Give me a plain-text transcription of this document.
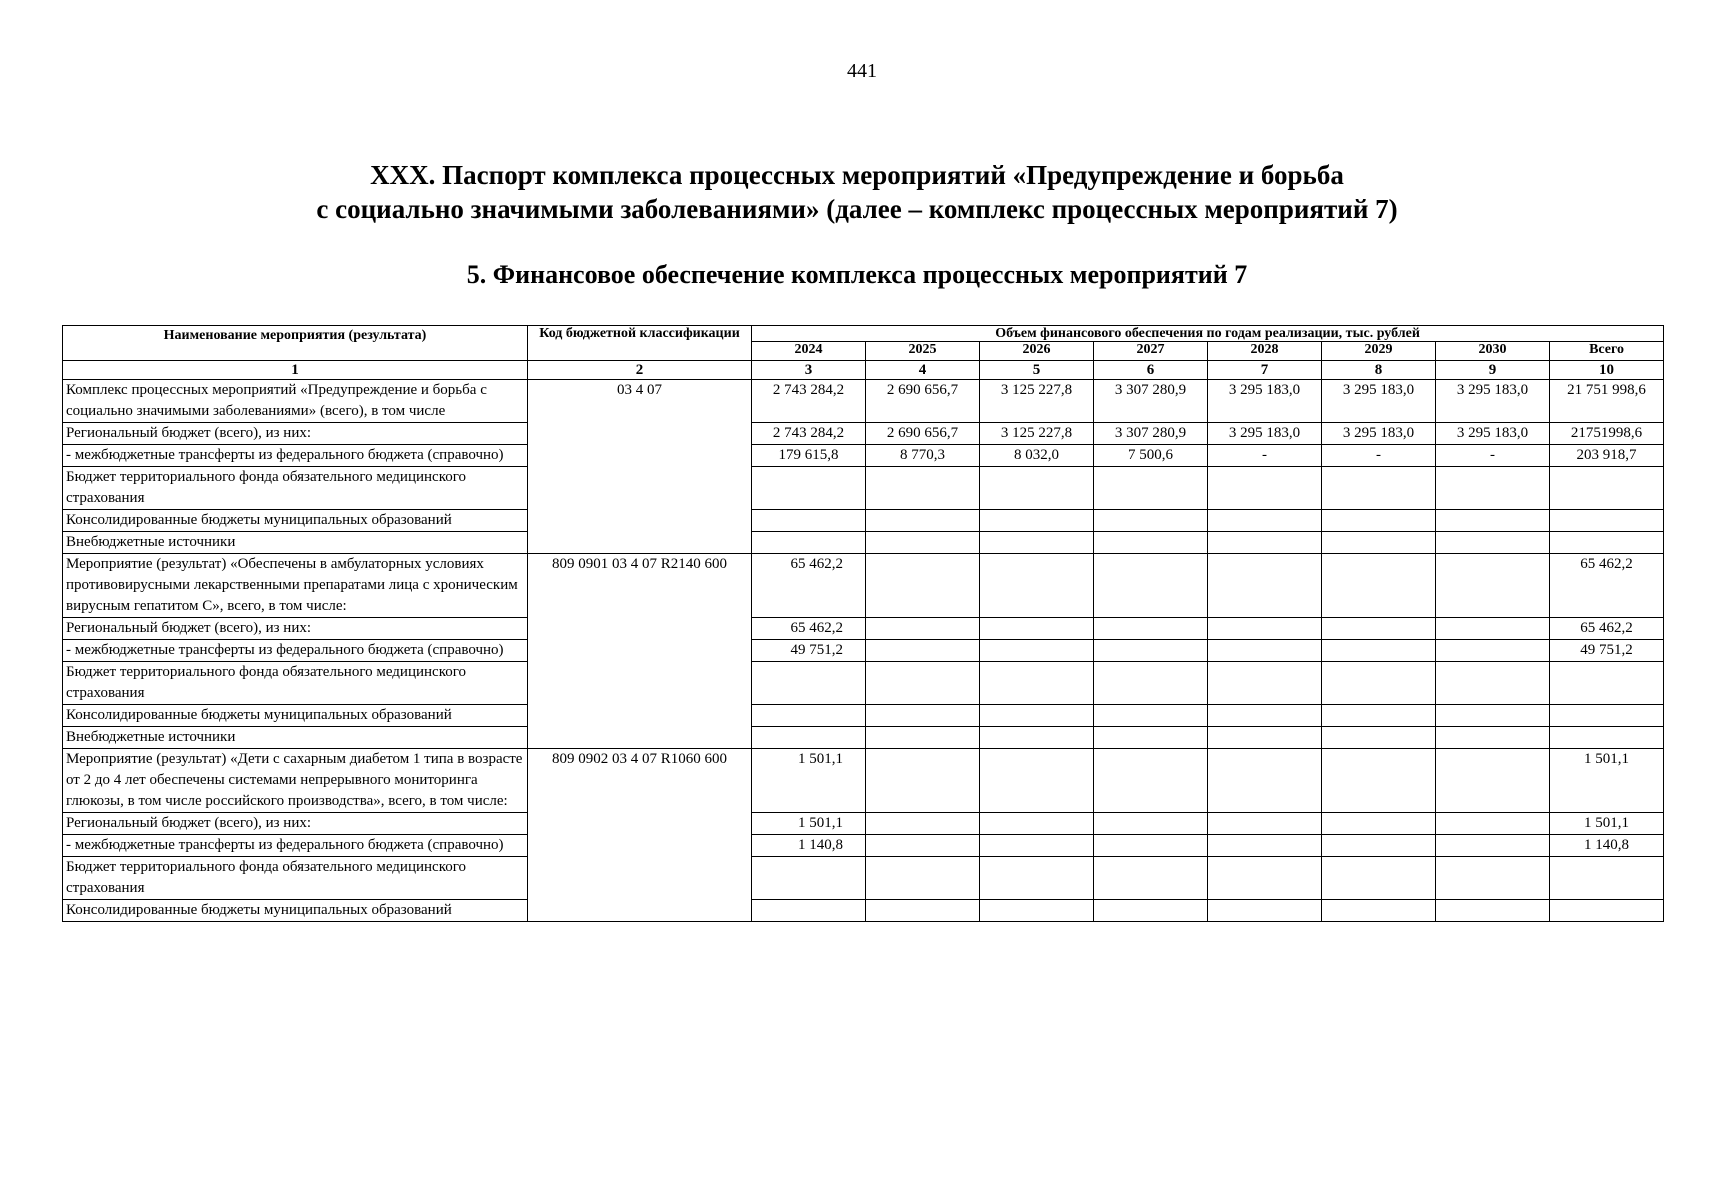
441
XXX. Паспорт комплекса процессных мероприятий «Предупреждение и борьба
с социально значимыми заболеваниями» (далее – комплекс процессных мероприятий 7)
5. Финансовое обеспечение комплекса процессных мероприятий 7
Наименование мероприятия (результата)	Код бюджетной классификации	Объем финансового обеспечения по годам реализации, тыс. рублей							
		2024	2025	2026	2027	2028	2029	2030	Всего
1	2	3	4	5	6	7	8	9	10
Комплекс процессных мероприятий «Предупреждение и борьба с социально значимыми заболеваниями» (всего), в том числе	03 4 07	2 743 284,2	2 690 656,7	3 125 227,8	3 307 280,9	3 295 183,0	3 295 183,0	3 295 183,0	21 751 998,6
Региональный бюджет (всего), из них:		2 743 284,2	2 690 656,7	3 125 227,8	3 307 280,9	3 295 183,0	3 295 183,0	3 295 183,0	21751998,6
- межбюджетные трансферты из федерального бюджета (справочно)		179 615,8	8 770,3	8 032,0	7 500,6	-	-	-	203 918,7
Бюджет территориального фонда обязательного медицинского страхования									
Консолидированные бюджеты муниципальных образований									
Внебюджетные источники									
Мероприятие (результат) «Обеспечены в амбулаторных условиях противовирусными лекарственными препаратами лица с хроническим вирусным гепатитом С», всего, в том числе:	809 0901 03 4 07 R2140 600	65 462,2							65 462,2
Региональный бюджет (всего), из них:		65 462,2							65 462,2
- межбюджетные трансферты из федерального бюджета (справочно)		49 751,2							49 751,2
Бюджет территориального фонда обязательного медицинского страхования									
Консолидированные бюджеты муниципальных образований									
Внебюджетные источники									
Мероприятие (результат) «Дети с сахарным диабетом 1 типа в возрасте от 2 до 4 лет обеспечены системами непрерывного мониторинга глюкозы, в том числе российского производства», всего, в том числе:	809 0902 03 4 07 R1060 600	1 501,1							1 501,1
Региональный бюджет (всего), из них:		1 501,1							1 501,1
- межбюджетные трансферты из федерального бюджета (справочно)		1 140,8							1 140,8
Бюджет территориального фонда обязательного медицинского страхования									
Консолидированные бюджеты муниципальных образований									
